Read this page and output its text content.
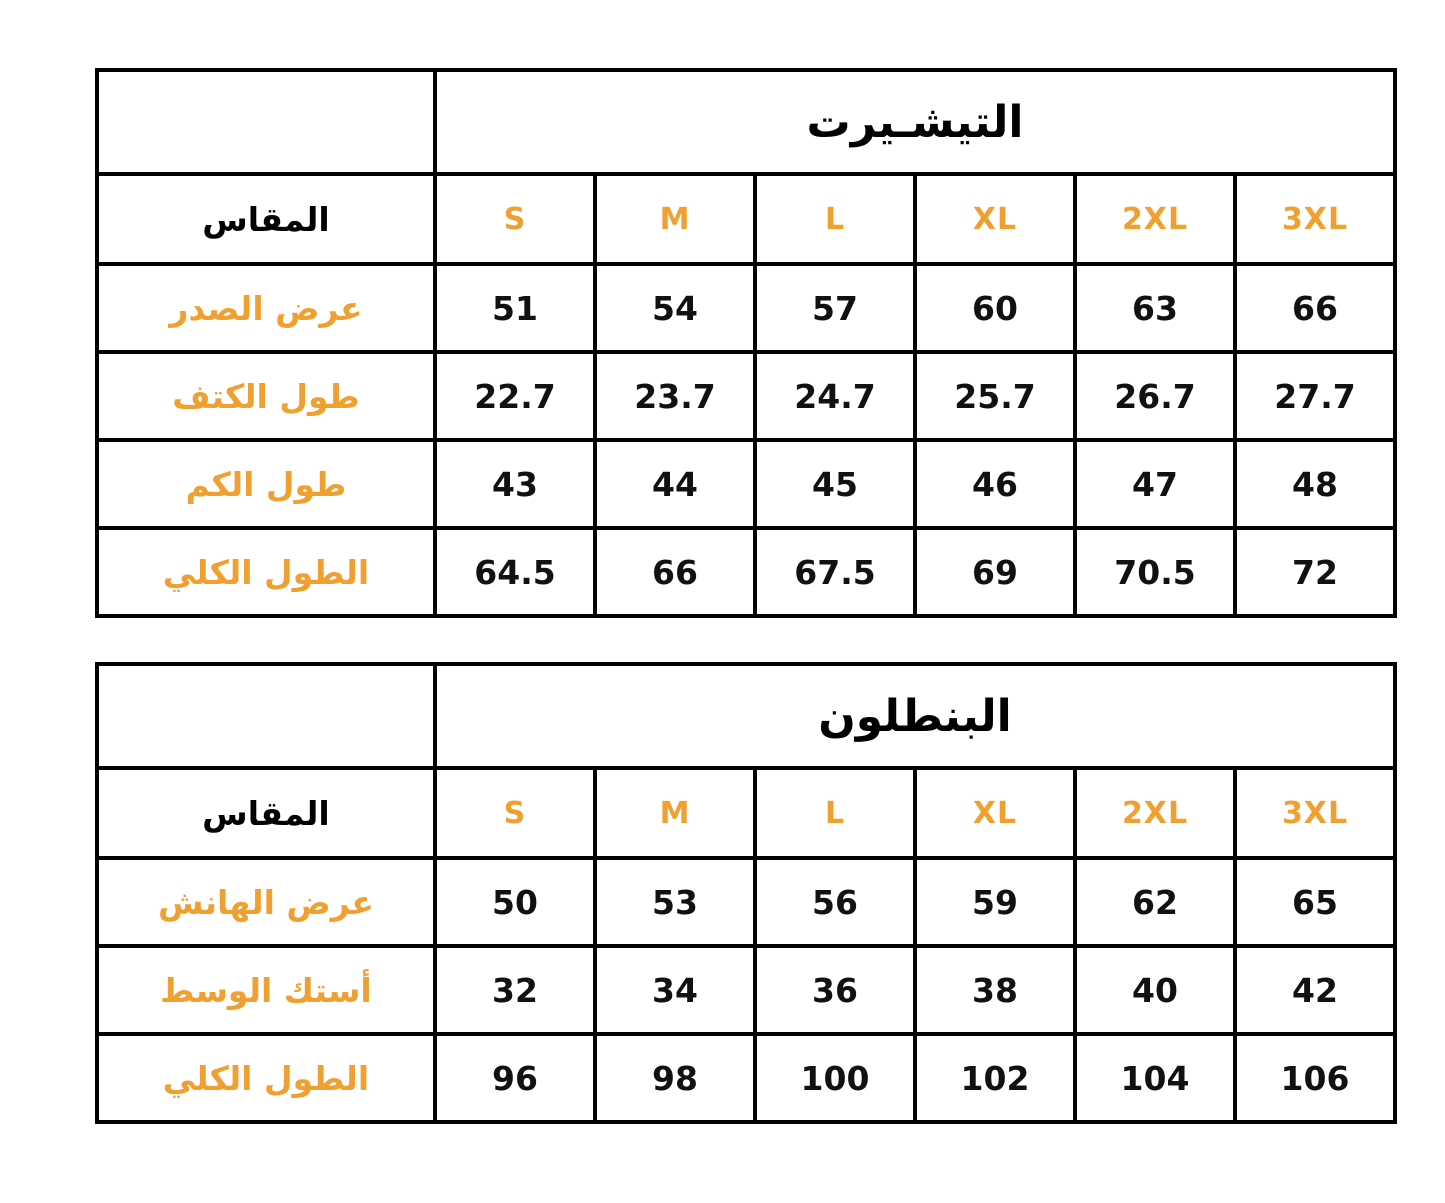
التيشـيرت						
3XL	2XL	XL	L	M	S	المقاس
66	63	60	57	54	51	عرض الصدر
27.7	26.7	25.7	24.7	23.7	22.7	طول الكتف
48	47	46	45	44	43	طول الكم
72	70.5	69	67.5	66	64.5	الطول الكلي
البنطلون						
3XL	2XL	XL	L	M	S	المقاس
65	62	59	56	53	50	عرض الهانش
42	40	38	36	34	32	أستك الوسط
106	104	102	100	98	96	الطول الكلي
